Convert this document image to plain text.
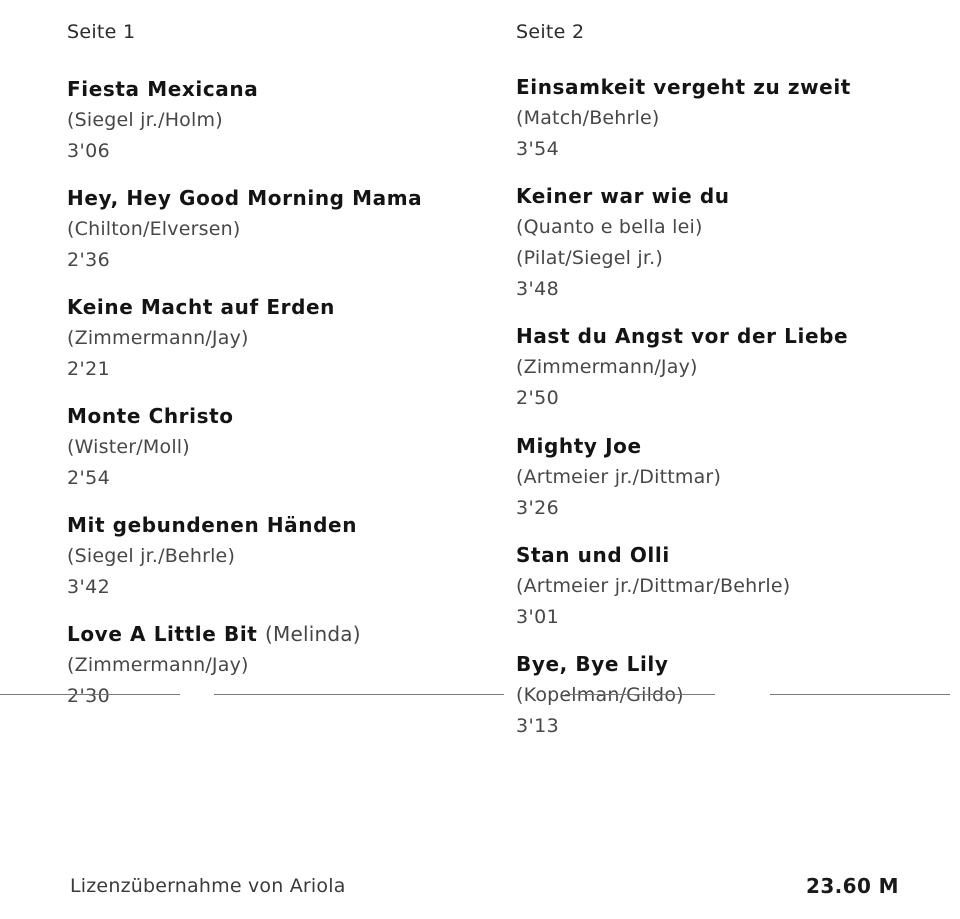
Seite 1
Fiesta Mexicana
(Siegel jr./Holm)
3'06
Hey, Hey Good Morning Mama
(Chilton/Elversen)
2'36
Keine Macht auf Erden
(Zimmermann/Jay)
2'21
Monte Christo
(Wister/Moll)
2'54
Mit gebundenen Händen
(Siegel jr./Behrle)
3'42
Love A Little Bit (Melinda)
(Zimmermann/Jay)
2'30
Seite 2
Einsamkeit vergeht zu zweit
(Match/Behrle)
3'54
Keiner war wie du
(Quanto e bella lei)
(Pilat/Siegel jr.)
3'48
Hast du Angst vor der Liebe
(Zimmermann/Jay)
2'50
Mighty Joe
(Artmeier jr./Dittmar)
3'26
Stan und Olli
(Artmeier jr./Dittmar/Behrle)
3'01
Bye, Bye Lily
(Kopelman/Gildo)
3'13
Lizenzübernahme von Ariola	23.60 M
